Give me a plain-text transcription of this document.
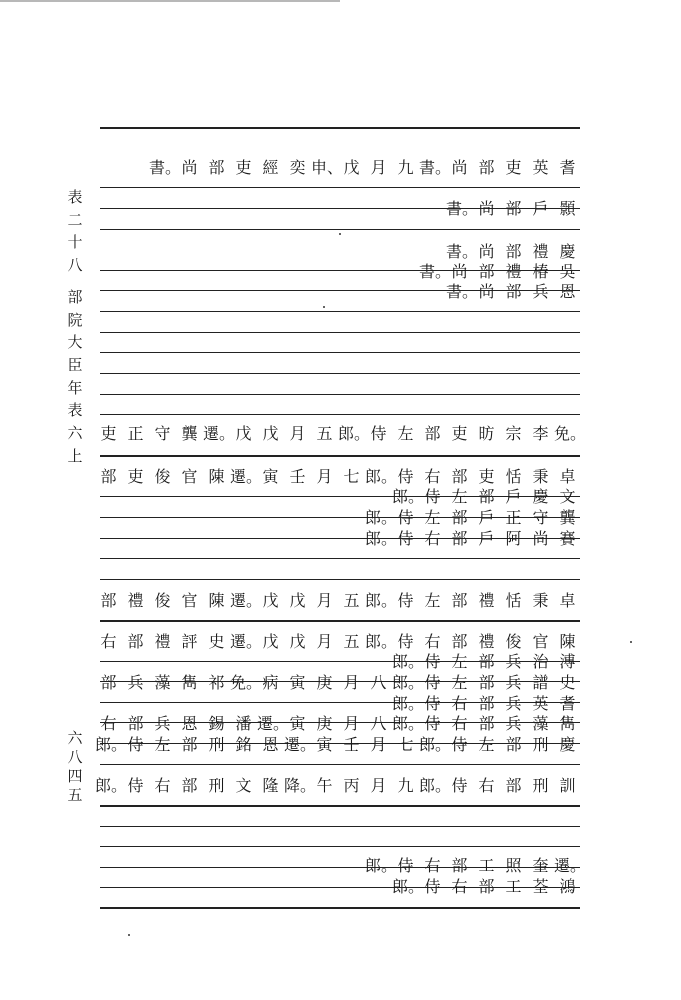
表
二
十
八
部
院
大
臣
年
表
六
上
六
八
四
五
書。 尚 部 吏 經 奕 申、 戊 月 九 書。 尚 部 吏 英 耆
書。 尚 部 戶 顥
書。 尚 部 禮 慶
書。 尚 部 禮 椿 吳
書。 尚 部 兵 恩
吏 正 守 龔 遷。 戊 戊 月 五 郎。 侍 左 部 吏 昉 宗 李 免。
部 吏 俊 官 陳 遷。 寅 壬 月 七 郎。 侍 右 部 吏 恬 秉 卓
郎。 侍 左 部 戶 慶 文
郎。 侍 左 部 戶 正 守 龔
郎。 侍 右 部 戶 阿 尚 賽
部 禮 俊 官 陳 遷。 戊 戊 月 五 郎。 侍 左 部 禮 恬 秉 卓
右 部 禮 評 史 遷。 戊 戊 月 五 郎。 侍 右 部 禮 俊 官 陳
郎。 侍 左 部 兵 治 溥
部 兵 藻 雋 祁 免。 病 寅 庚 月 八 郎。 侍 左 部 兵 譜 史
郎。 侍 右 部 兵 英 耆
右 部 兵 恩 錫 潘 遷。 寅 庚 月 八 郎。 侍 右 部 兵 藻 雋
郎。 侍 左 部 刑 銘 恩 遷。 寅 壬 月 七 郎。 侍 左 部 刑 慶
郎。 侍 右 部 刑 文 隆 降。 午 丙 月 九 郎。 侍 右 部 刑 訓
郎。 侍 右 部 工 照 奎 遷。
郎。 侍 右 部 工 荃 鴻
